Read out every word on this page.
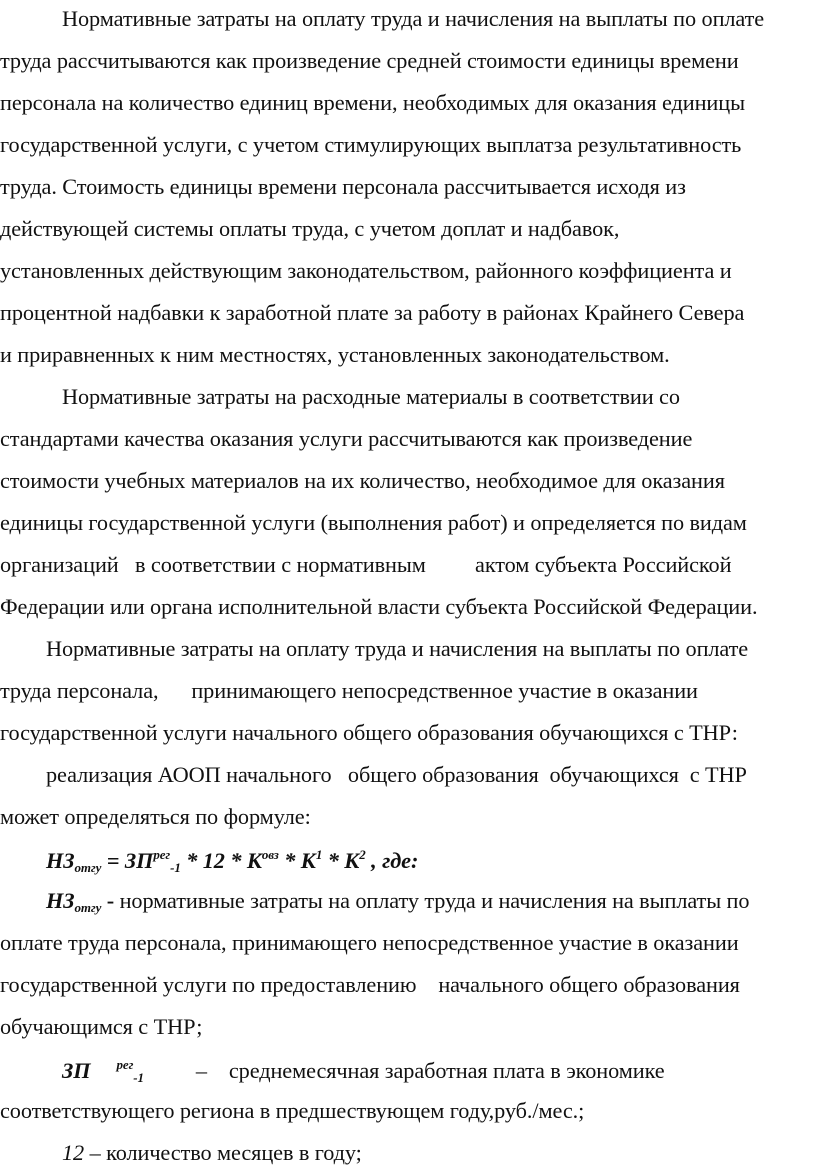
Нормативные затраты на оплату труда и начисления на выплаты по оплате
труда рассчитываются как произведение средней стоимости единицы времени
персонала на количество единиц времени, необходимых для оказания единицы
государственной услуги, с учетом стимулирующих выплатза результативность
труда. Стоимость единицы времени персонала рассчитывается исходя из
действующей системы оплаты труда, с учетом доплат и надбавок,
установленных действующим законодательством, районного коэффициента и
процентной надбавки к заработной плате за работу в районах Крайнего Севера
и приравненных к ним местностях, установленных законодательством.
Нормативные затраты на расходные материалы в соответствии со
стандартами качества оказания услуги рассчитываются как произведение
стоимости учебных материалов на их количество, необходимое для оказания
единицы государственной услуги (выполнения работ) и определяется по видам
организаций   в соответствии с нормативным         актом субъекта Российской
Федерации или органа исполнительной власти субъекта Российской Федерации.
Нормативные затраты на оплату труда и начисления на выплаты по оплате
труда персонала,      принимающего непосредственное участие в оказании
государственной услуги начального общего образования обучающихся с ТНР:
реализация АООП начального   общего образования  обучающихся  с ТНР
может определяться по формуле:
$НЗ_{отгу} = ЗП^{рег}_{-1} * 12 * К^{овз} * К^1 * К^2$ , где:
$НЗ_{отгу}$ - нормативные затраты на оплату труда и начисления на выплаты по
оплате труда персонала, принимающего непосредственное участие в оказании
государственной услуги по предоставлению    начального общего образования
обучающимся с ТНР;
ЗП $^{рег}_{-1}$ –    среднемесячная заработная плата в экономике
соответствующего региона в предшествующем году,руб./мес.;
12 – количество месяцев в году;
